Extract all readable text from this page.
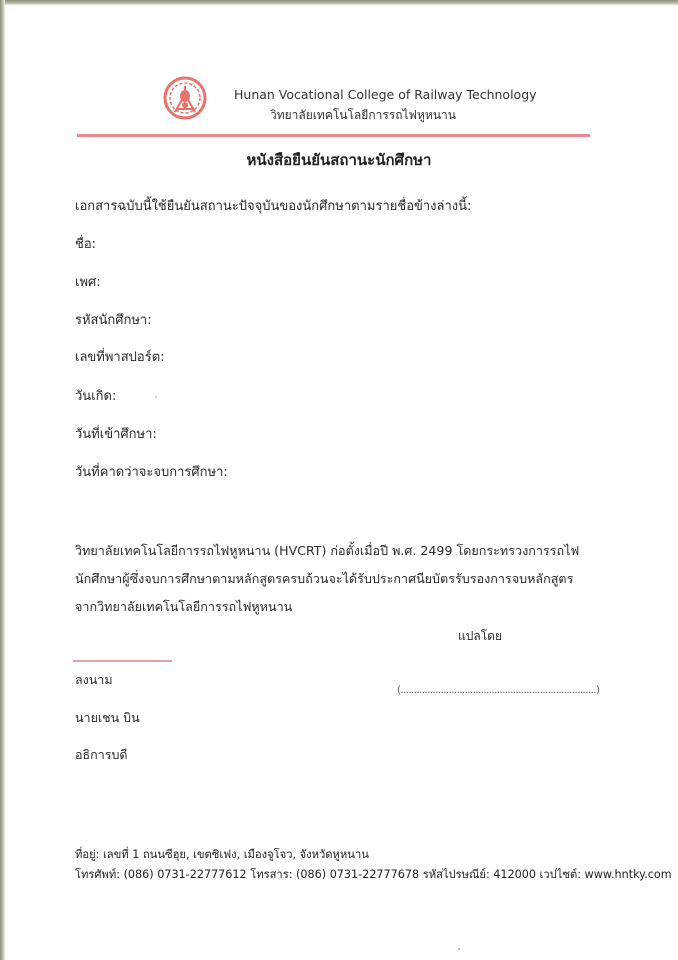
Hunan Vocational College of Railway Technology
วิทยาลัยเทคโนโลยีการรถไฟหูหนาน
หนังสือยืนยันสถานะนักศึกษา
เอกสารฉบับนี้ใช้ยืนยันสถานะปัจจุบันของนักศึกษาตามรายชื่อข้างล่างนี้:
ชื่อ:
เพศ:
รหัสนักศึกษา:
เลขที่พาสปอร์ต:
วันเกิด:
วันที่เข้าศึกษา:
วันที่คาดว่าจะจบการศึกษา:
วิทยาลัยเทคโนโลยีการรถไฟหูหนาน (HVCRT) ก่อตั้งเมื่อปี พ.ศ. 2499 โดยกระทรวงการรถไฟ นักศึกษาผู้ซึ่งจบการศึกษาตามหลักสูตรครบถ้วนจะได้รับประกาศนียบัตรรับรองการจบหลักสูตรจากวิทยาลัยเทคโนโลยีการรถไฟหูหนาน
แปลโดย
ลงนาม
นายเชน บิน
อธิการบดี
(.........................................................................)
ที่อยู่: เลขที่ 1 ถนนซีฮุย, เขตซิเฟง, เมืองจูโจว, จังหวัดหูหนาน
โทรศัพท์: (086) 0731-22777612 โทรสาร: (086) 0731-22777678 รหัสไปรษณีย์: 412000 เวปไซต์: www.hntky.com
